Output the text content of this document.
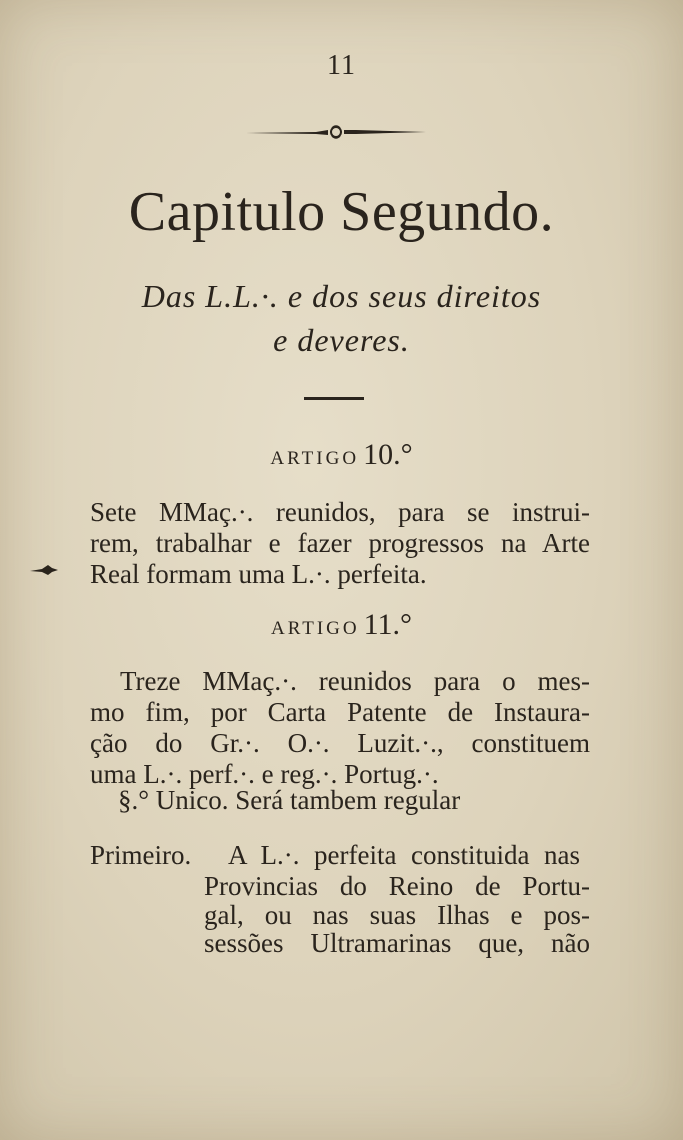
11
Capitulo Segundo.
Das L.L.·. e dos seus direitos
e deveres.
ARTIGO 10.°
Sete MMaç.·. reunidos, para se instrui-
rem, trabalhar e fazer progressos na Arte
Real formam uma L.·. perfeita.
ARTIGO 11.°
Treze MMaç.·. reunidos para o mes-
mo fim, por Carta Patente de Instaura-
ção do Gr.·. O.·. Luzit.·., constituem
uma L.·. perf.·. e reg.·. Portug.·.
§.° Unico. Será tambem regular
Primeiro.	A L.·. perfeita constituida nas
Provincias do Reino de Portu-
gal, ou nas suas Ilhas e pos-
sessões Ultramarinas que, não
